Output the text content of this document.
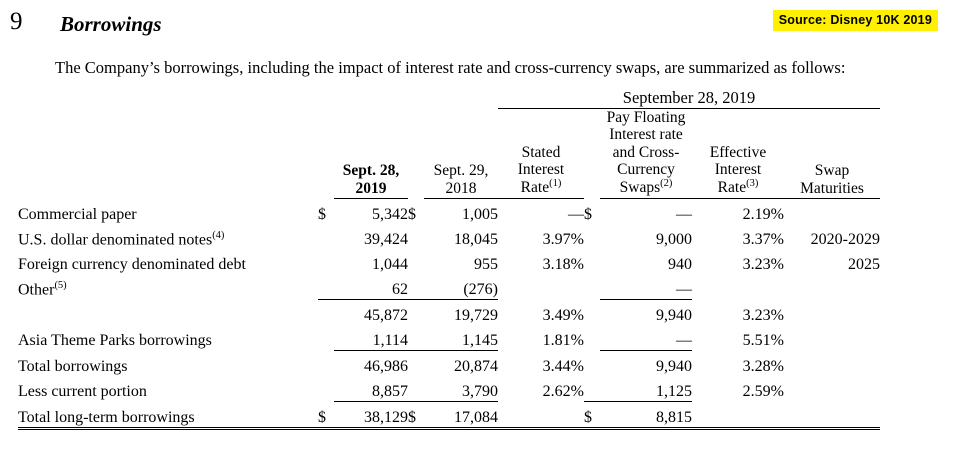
9 Borrowings	Source: Disney 10K 2019
The Company’s borrowings, including the impact of interest rate and cross-currency swaps, are summarized as follows:
					September 28, 2019				

		Sept. 28,
2019		Sept. 29,
2018	Stated
Interest
Rate$^{(1)}$		Pay Floating
Interest rate
and Cross-
Currency
Swaps$^{(2)}$	Effective
Interest
Rate$^{(3)}$	Swap
Maturities

Commercial paper	$	5,342	$	1,005	—	$	—	2.19%	
U.S. dollar denominated notes$^{(4)}$		39,424		18,045	3.97%		9,000	3.37%	2020-2029
Foreign currency denominated debt		1,044		955	3.18%		940	3.23%	2025
Other$^{(5)}$		62		(276)			—		
		45,872		19,729	3.49%		9,940	3.23%	
Asia Theme Parks borrowings		1,114		1,145	1.81%		—	5.51%	
Total borrowings		46,986		20,874	3.44%		9,940	3.28%	
Less current portion		8,857		3,790	2.62%		1,125	2.59%	
Total long-term borrowings	$	38,129	$	17,084		$	8,815		
